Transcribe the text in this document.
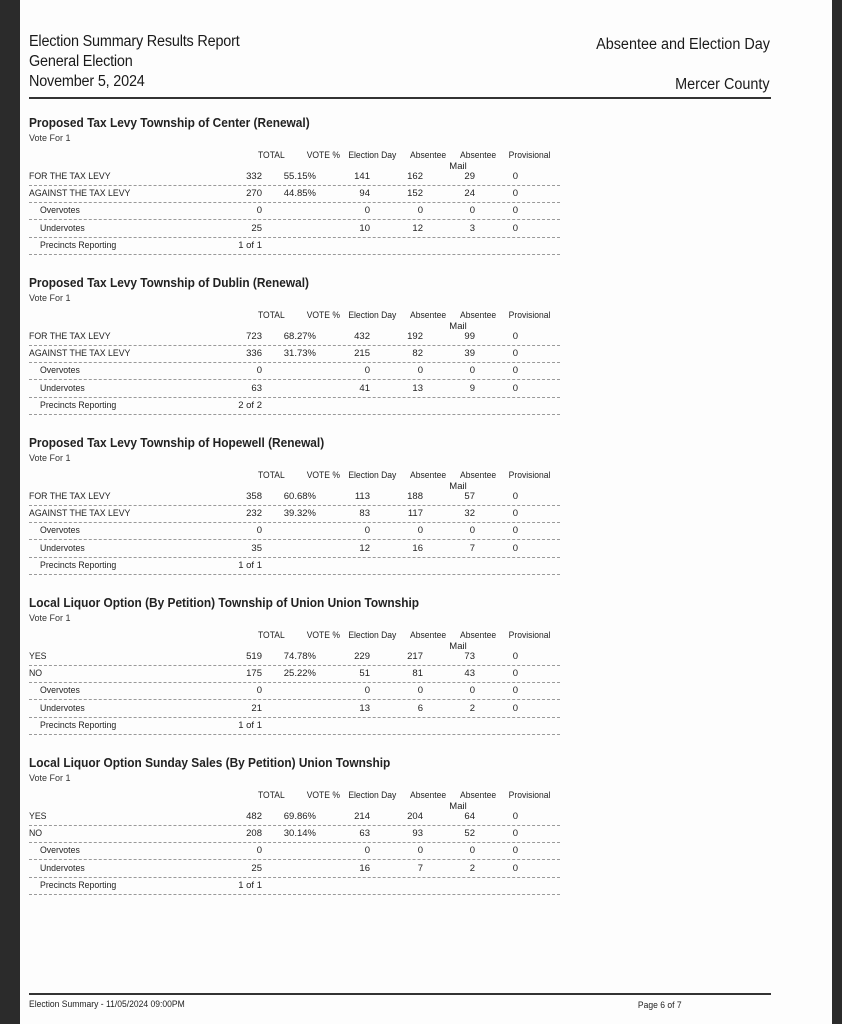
Election Summary Results Report
General Election
November 5, 2024
Absentee and Election Day
Mercer County
Proposed Tax Levy Township of Center (Renewal)
Vote For 1
TOTAL VOTE % Election Day Absentee Absentee Provisional
Mail
FOR THE TAX LEVY	332 55.15%	141	162	29	0
AGAINST THE TAX LEVY	270 44.85%	94	152	24	0
Overvotes	0	0	0	0	0
Undervotes	25	10	12	3	0
Precincts Reporting	1 of 1
Proposed Tax Levy Township of Dublin (Renewal)
Vote For 1
TOTAL VOTE % Election Day Absentee Absentee Provisional
Mail
FOR THE TAX LEVY	723 68.27%	432	192	99	0
AGAINST THE TAX LEVY	336 31.73%	215	82	39	0
Overvotes	0	0	0	0	0
Undervotes	63	41	13	9	0
Precincts Reporting	2 of 2
Proposed Tax Levy Township of Hopewell (Renewal)
Vote For 1
TOTAL VOTE % Election Day Absentee Absentee Provisional
Mail
FOR THE TAX LEVY	358 60.68%	113	188	57	0
AGAINST THE TAX LEVY	232 39.32%	83	117	32	0
Overvotes	0	0	0	0	0
Undervotes	35	12	16	7	0
Precincts Reporting	1 of 1
Local Liquor Option (By Petition) Township of Union Union Township
Vote For 1
TOTAL VOTE % Election Day Absentee Absentee Provisional
Mail
YES	519 74.78%	229	217	73	0
NO	175 25.22%	51	81	43	0
Overvotes	0	0	0	0	0
Undervotes	21	13	6	2	0
Precincts Reporting	1 of 1
Local Liquor Option Sunday Sales (By Petition) Union Township
Vote For 1
TOTAL VOTE % Election Day Absentee Absentee Provisional
Mail
YES	482 69.86%	214	204	64	0
NO	208 30.14%	63	93	52	0
Overvotes	0	0	0	0	0
Undervotes	25	16	7	2	0
Precincts Reporting	1 of 1
Election Summary - 11/05/2024 09:00PM	Page 6 of 7
